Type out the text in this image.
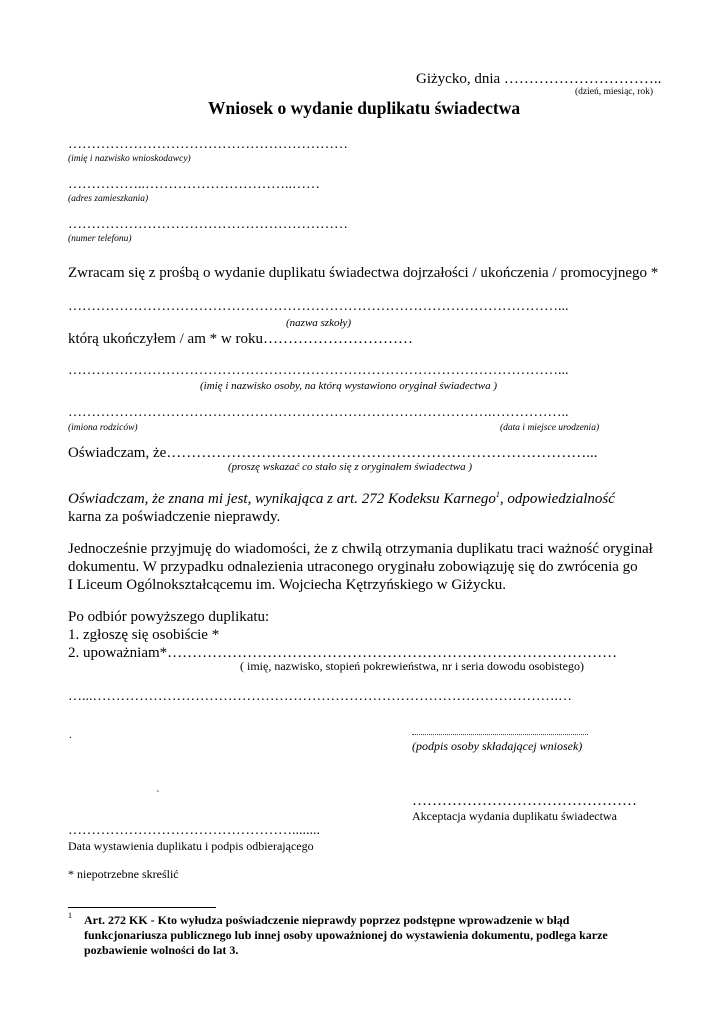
Giżycko, dnia …………………………..
(dzień, miesiąc, rok)
Wniosek o wydanie duplikatu świadectwa
……………………………………………………
(imię i nazwisko wnioskodawcy)
……………..…………………………..……
(adres zamieszkania)
……………………………………………………
(numer telefonu)
Zwracam się z prośbą o wydanie duplikatu świadectwa dojrzałości / ukończenia / promocyjnego *
……………………………………………………………………………………………...
(nazwa szkoły)
którą ukończyłem / am * w roku…………………………
……………………………………………………………………………………………...
(imię i nazwisko osoby, na którą wystawiono oryginał świadectwa )
……………………………………………………………………………….……………..
(imiona rodziców)	(data i miejsce urodzenia)
Oświadczam, że…………………………………………………………………………...
(proszę wskazać co stało się z oryginałem świadectwa )
Oświadczam, że znana mi jest, wynikająca z art. 272 Kodeksu Karnego$^1$, odpowiedzialność
karna za poświadczenie nieprawdy.
Jednocześnie przyjmuję do wiadomości, że z chwilą otrzymania duplikatu traci ważność oryginał
dokumentu. W przypadku odnalezienia utraconego oryginału zobowiązuję się do zwrócenia go
I Liceum Ogólnokształcącemu im. Wojciecha Kętrzyńskiego w Giżycku.
Po odbiór powyższego duplikatu:
1. zgłoszę się osobiście *
2. upoważniam*………………………………………………………………………………
( imię, nazwisko, stopień pokrewieństwa, nr i seria dowodu osobistego)
…...……………………………………………………………………………………….…
.
(podpis osoby składającej wniosek)
`	………………………………………
Akceptacja wydania duplikatu świadectwa
…………………………………………........
Data wystawienia duplikatu i podpis odbierającego
* niepotrzebne skreślić
1 Art. 272 KK - Kto wyłudza poświadczenie nieprawdy poprzez podstępne wprowadzenie w błąd
funkcjonariusza publicznego lub innej osoby upoważnionej do wystawienia dokumentu, podlega karze
pozbawienie wolności do lat 3.
